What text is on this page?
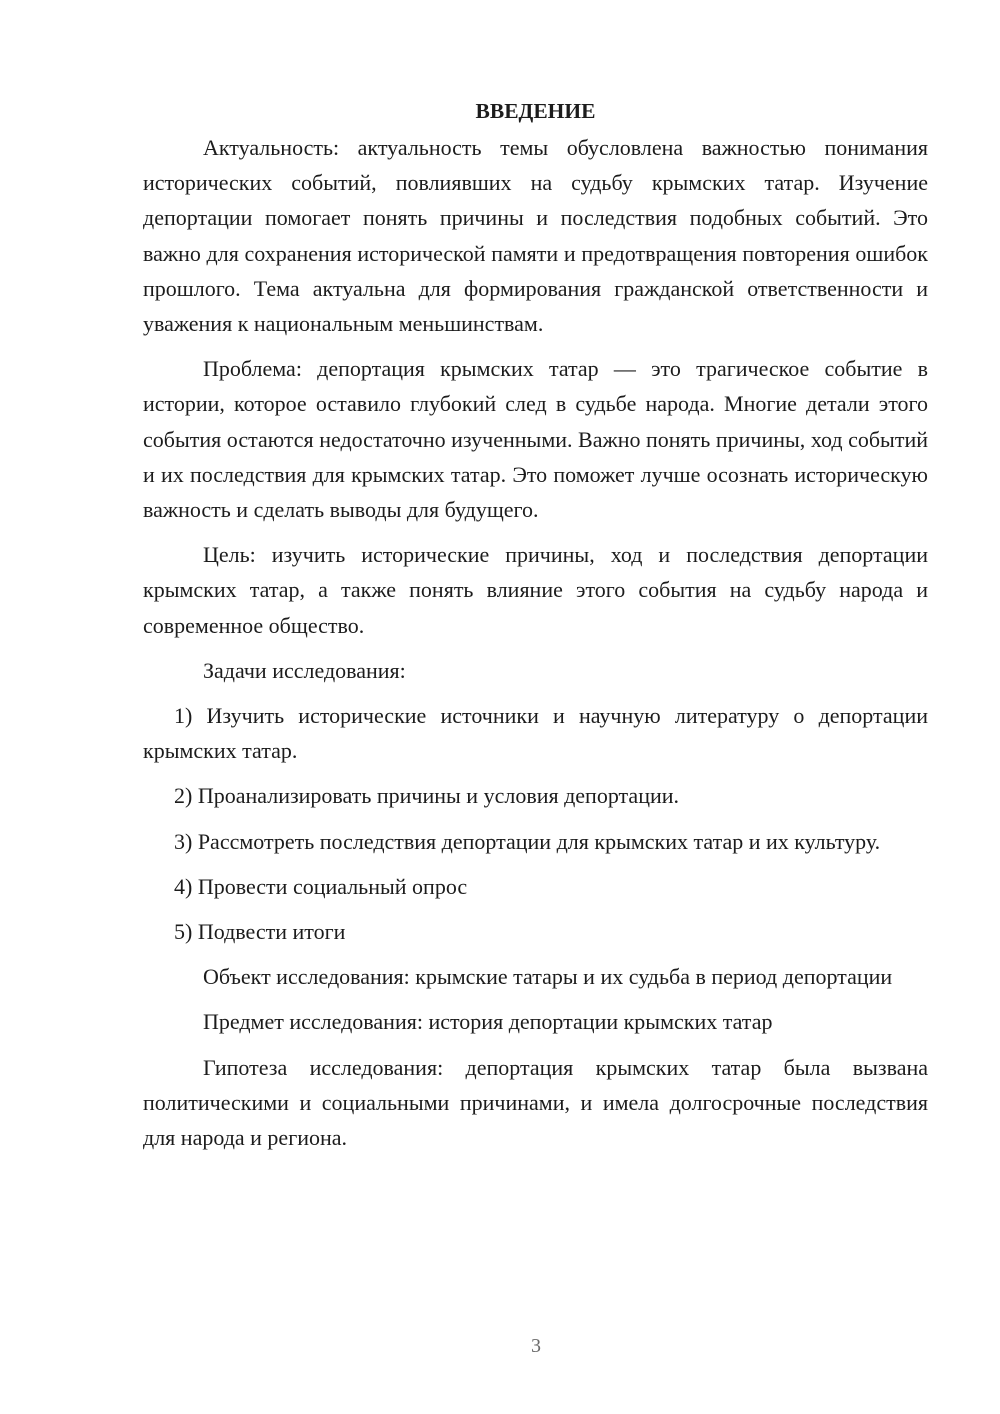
ВВЕДЕНИЕ

Актуальность: актуальность темы обусловлена важностью понимания исторических событий, повлиявших на судьбу крымских татар. Изучение депортации помогает понять причины и последствия подобных событий. Это важно для сохранения исторической памяти и предотвращения повторения ошибок прошлого. Тема актуальна для формирования гражданской ответственности и уважения к национальным меньшинствам.

Проблема: депортация крымских татар — это трагическое событие в истории, которое оставило глубокий след в судьбе народа. Многие детали этого события остаются недостаточно изученными. Важно понять причины, ход событий и их последствия для крымских татар. Это поможет лучше осознать историческую важность и сделать выводы для будущего.

Цель: изучить исторические причины, ход и последствия депортации крымских татар, а также понять влияние этого события на судьбу народа и современное общество.

Задачи исследования:

1) Изучить исторические источники и научную литературу о депортации крымских татар.

2) Проанализировать причины и условия депортации.

3) Рассмотреть последствия депортации для крымских татар и их культуру.

4) Провести социальный опрос

5) Подвести итоги

Объект исследования: крымские татары и их судьба в период депортации

Предмет исследования: история депортации крымских татар

Гипотеза исследования: депортация крымских татар была вызвана политическими и социальными причинами, и имела долгосрочные последствия для народа и региона.

3
